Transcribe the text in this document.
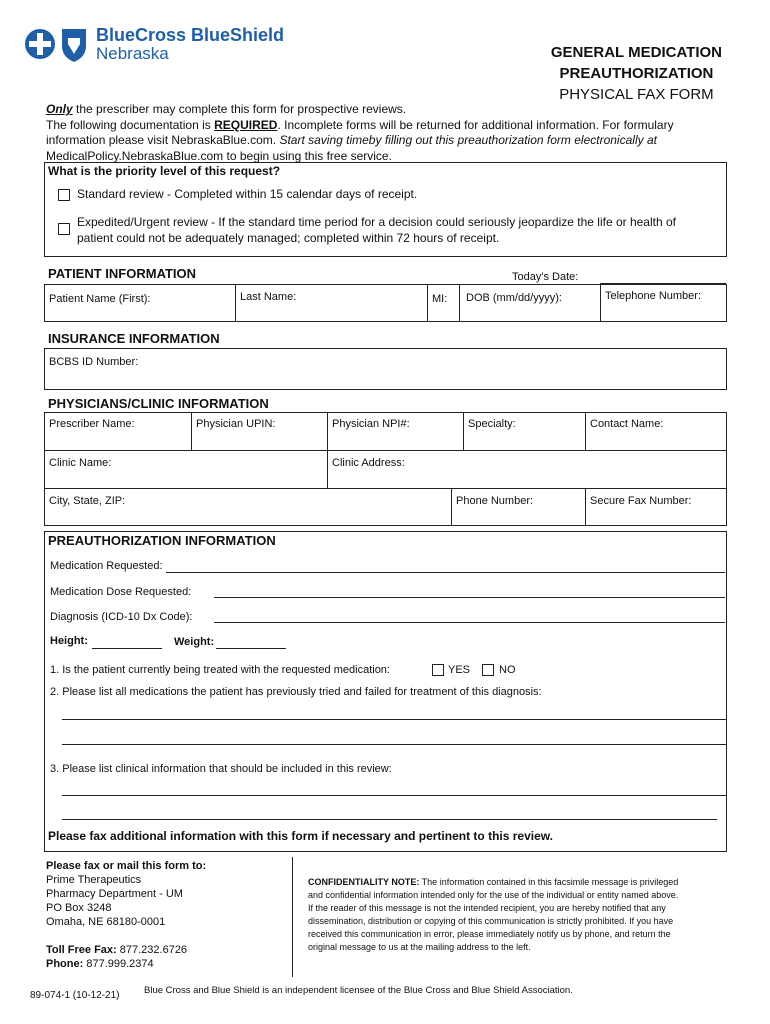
BlueCross BlueShield
Nebraska	GENERAL MEDICATION
PREAUTHORIZATION
PHYSICAL FAX FORM
Only the prescriber may complete this form for prospective reviews.
The following documentation is REQUIRED. Incomplete forms will be returned for additional information. For formulary
information please visit NebraskaBlue.com. Start saving timeby filling out this preauthorization form electronically at
MedicalPolicy.NebraskaBlue.com to begin using this free service.
What is the priority level of this request?
Standard review - Completed within 15 calendar days of receipt.
Expedited/Urgent review - If the standard time period for a decision could seriously jeopardize the life or health of
patient could not be adequately managed; completed within 72 hours of receipt.
PATIENT INFORMATION	Today's Date:
Patient Name (First):	Last Name:	MI: DOB (mm/dd/yyyy):	Telephone Number:
INSURANCE INFORMATION
BCBS ID Number:
PHYSICIANS/CLINIC INFORMATION
Prescriber Name:	Physician UPIN:	Physician NPI#:	Specialty:	Contact Name:
Clinic Name:	Clinic Address:
City, State, ZIP:	Phone Number:	Secure Fax Number:
PREAUTHORIZATION INFORMATION
Medication Requested:
Medication Dose Requested:
Diagnosis (ICD-10 Dx Code):
Height:	Weight:
1. Is the patient currently being treated with the requested medication:	YES	NO
2. Please list all medications the patient has previously tried and failed for treatment of this diagnosis:
3. Please list clinical information that should be included in this review:
Please fax additional information with this form if necessary and pertinent to this review.
Please fax or mail this form to:
Prime Therapeutics
Pharmacy Department - UM
PO Box 3248
Omaha, NE 68180-0001
Toll Free Fax: 877.232.6726
Phone: 877.999.2374
CONFIDENTIALITY NOTE: The information contained in this facsimile message is privileged
and confidential information intended only for the use of the individual or entity named above.
If the reader of this message is not the intended recipient, you are hereby notified that any
dissemination, distribution or copying of this communication is strictly prohibited. If you have
received this communication in error, please immediately notify us by phone, and return the
original message to us at the mailing address to the left.
89-074-1 (10-12-21)	Blue Cross and Blue Shield is an independent licensee of the Blue Cross and Blue Shield Association.
